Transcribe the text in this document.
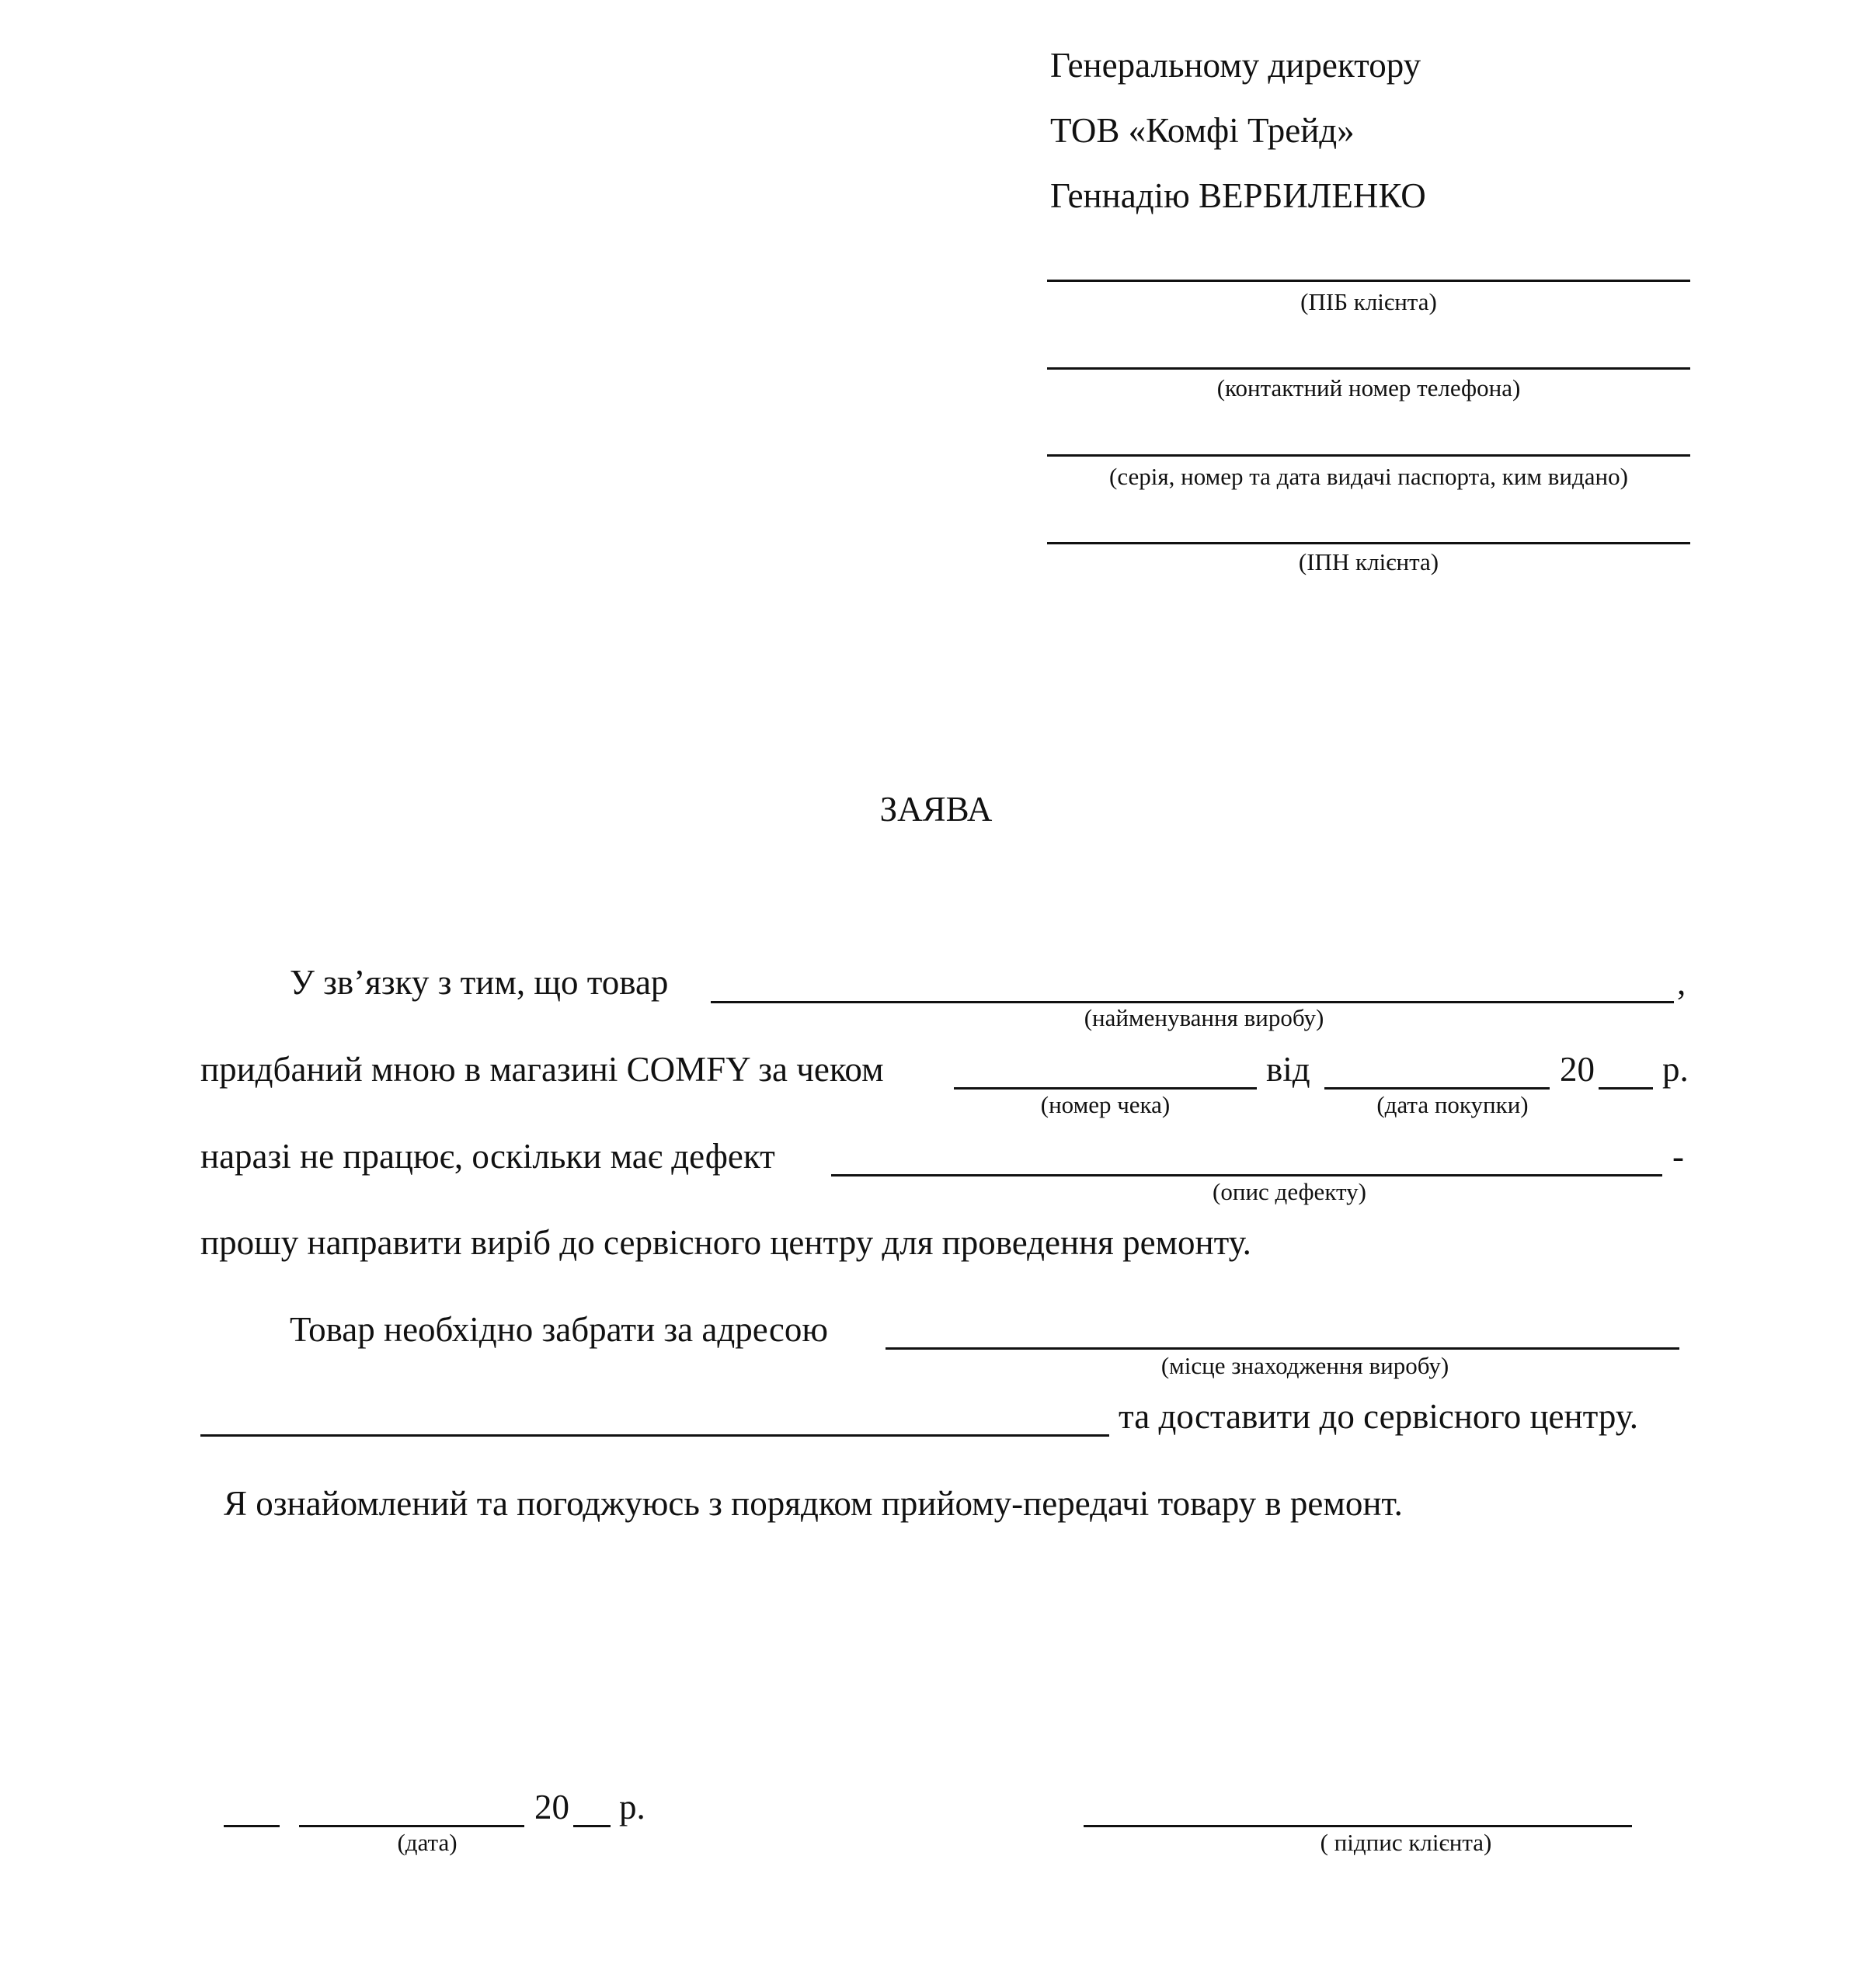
Генеральному директору
ТОВ «Комфі Трейд»
Геннадію ВЕРБИЛЕНКО
(ПІБ клієнта)
(контактний номер телефона)
(серія, номер та дата видачі паспорта, ким видано)
(ІПН клієнта)
ЗАЯВА
У зв’язку з тим, що товар	,
(найменування виробу)
придбаний мною в магазині COMFY за чеком	від	20 р.
(номер чека)	(дата покупки)
наразі не працює, оскільки має дефект	-
(опис дефекту)
прошу направити виріб до сервісного центру для проведення ремонту.
Товар необхідно забрати за адресою
(місце знаходження виробу)
та доставити до сервісного центру.
Я ознайомлений та погоджуюсь з порядком прийому-передачі товару в ремонт.
20 р.
(дата)	( підпис клієнта)
